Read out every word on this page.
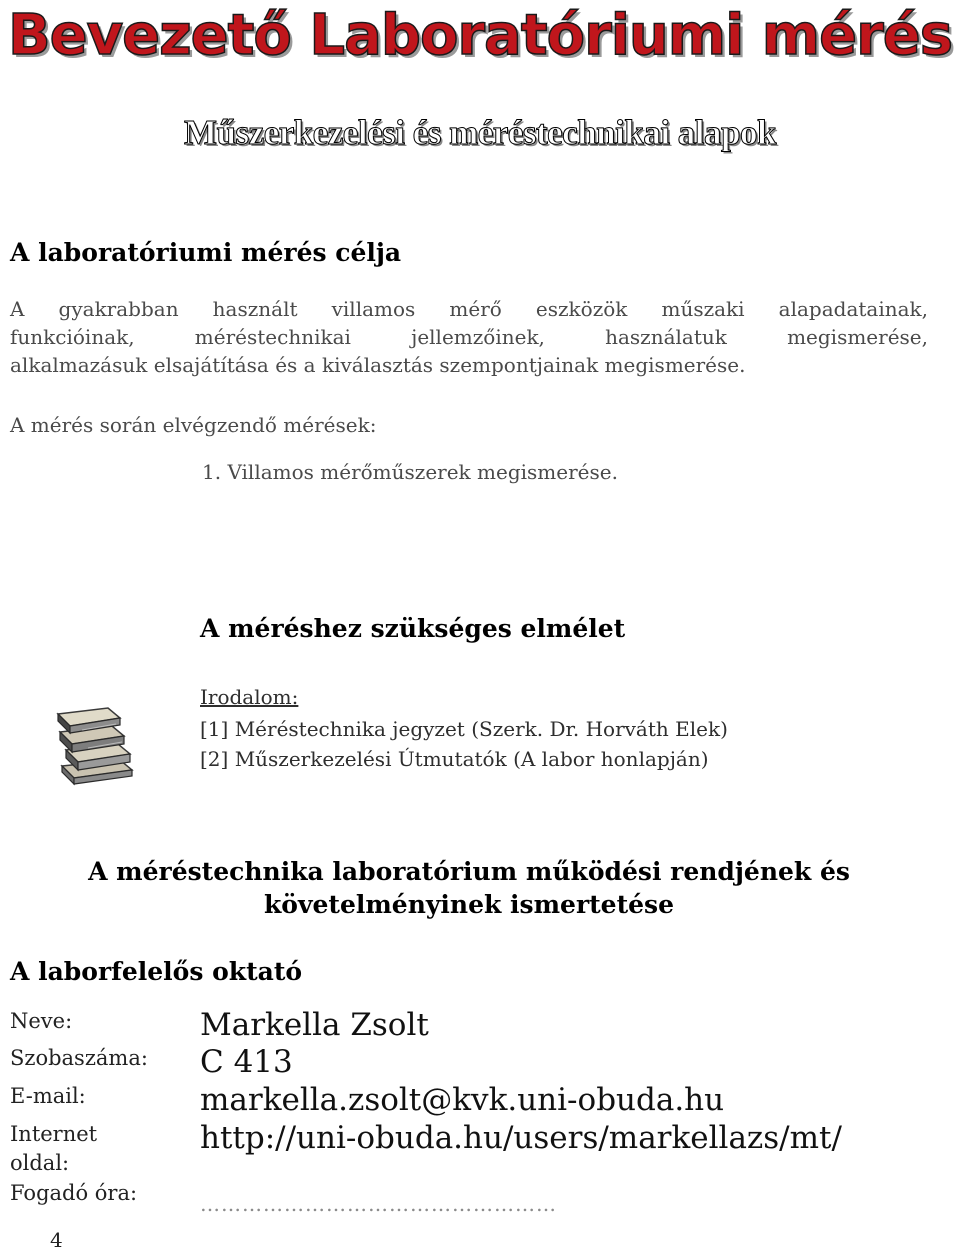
Bevezető Laboratóriumi mérés
Műszerkezelési és méréstechnikai alapok
A laboratóriumi mérés célja
A gyakrabban használt villamos mérő eszközök műszaki alapadatainak,
funkcióinak, méréstechnikai jellemzőinek, használatuk megismerése,
alkalmazásuk elsajátítása és a kiválasztás szempontjainak megismerése.
A mérés során elvégzendő mérések:
1. Villamos mérőműszerek megismerése.
A méréshez szükséges elmélet
Irodalom:
[1] Méréstechnika jegyzet (Szerk. Dr. Horváth Elek)
[2] Műszerkezelési Útmutatók (A labor honlapján)
A méréstechnika laboratórium működési rendjének és
követelményinek ismertetése
A laborfelelős oktató
Neve:	Markella Zsolt
Szobaszáma: C 413
E-mail:	markella.zsolt@kvk.uni-obuda.hu
Internet
oldal:
http://uni-obuda.hu/users/markellazs/mt/
Fogadó óra:	……………………………………………
4
